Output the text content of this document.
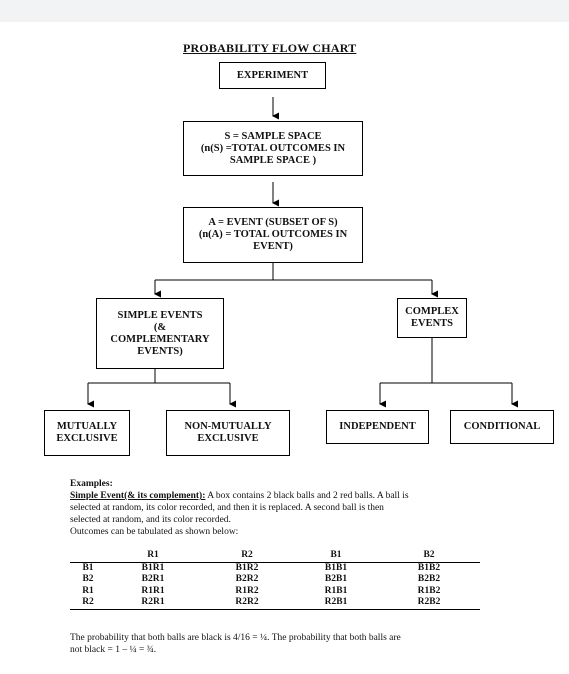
PROBABILITY FLOW CHART
EXPERIMENT
S = SAMPLE SPACE
(n(S) =TOTAL OUTCOMES IN
SAMPLE SPACE )
A = EVENT (SUBSET OF S)
(n(A) = TOTAL OUTCOMES IN
EVENT)
SIMPLE EVENTS
(&
COMPLEMENTARY
EVENTS)
COMPLEX
EVENTS
MUTUALLY
EXCLUSIVE
NON-MUTUALLY
EXCLUSIVE
INDEPENDENT	CONDITIONAL
Examples:
Simple Event(& its complement): A box contains 2 black balls and 2 red balls. A ball is
selected at random, its color recorded, and then it is replaced. A second ball is then
selected at random, and its color recorded.
Outcomes can be tabulated as shown below:
	R1	R2	B1	B2
B1	B1R1	B1R2	B1B1	B1B2
B2	B2R1	B2R2	B2B1	B2B2
R1	R1R1	R1R2	R1B1	R1B2
R2	R2R1	R2R2	R2B1	R2B2
The probability that both balls are black is 4/16 = ¼. The probability that both balls are
not black = 1 – ¼ = ¾.
